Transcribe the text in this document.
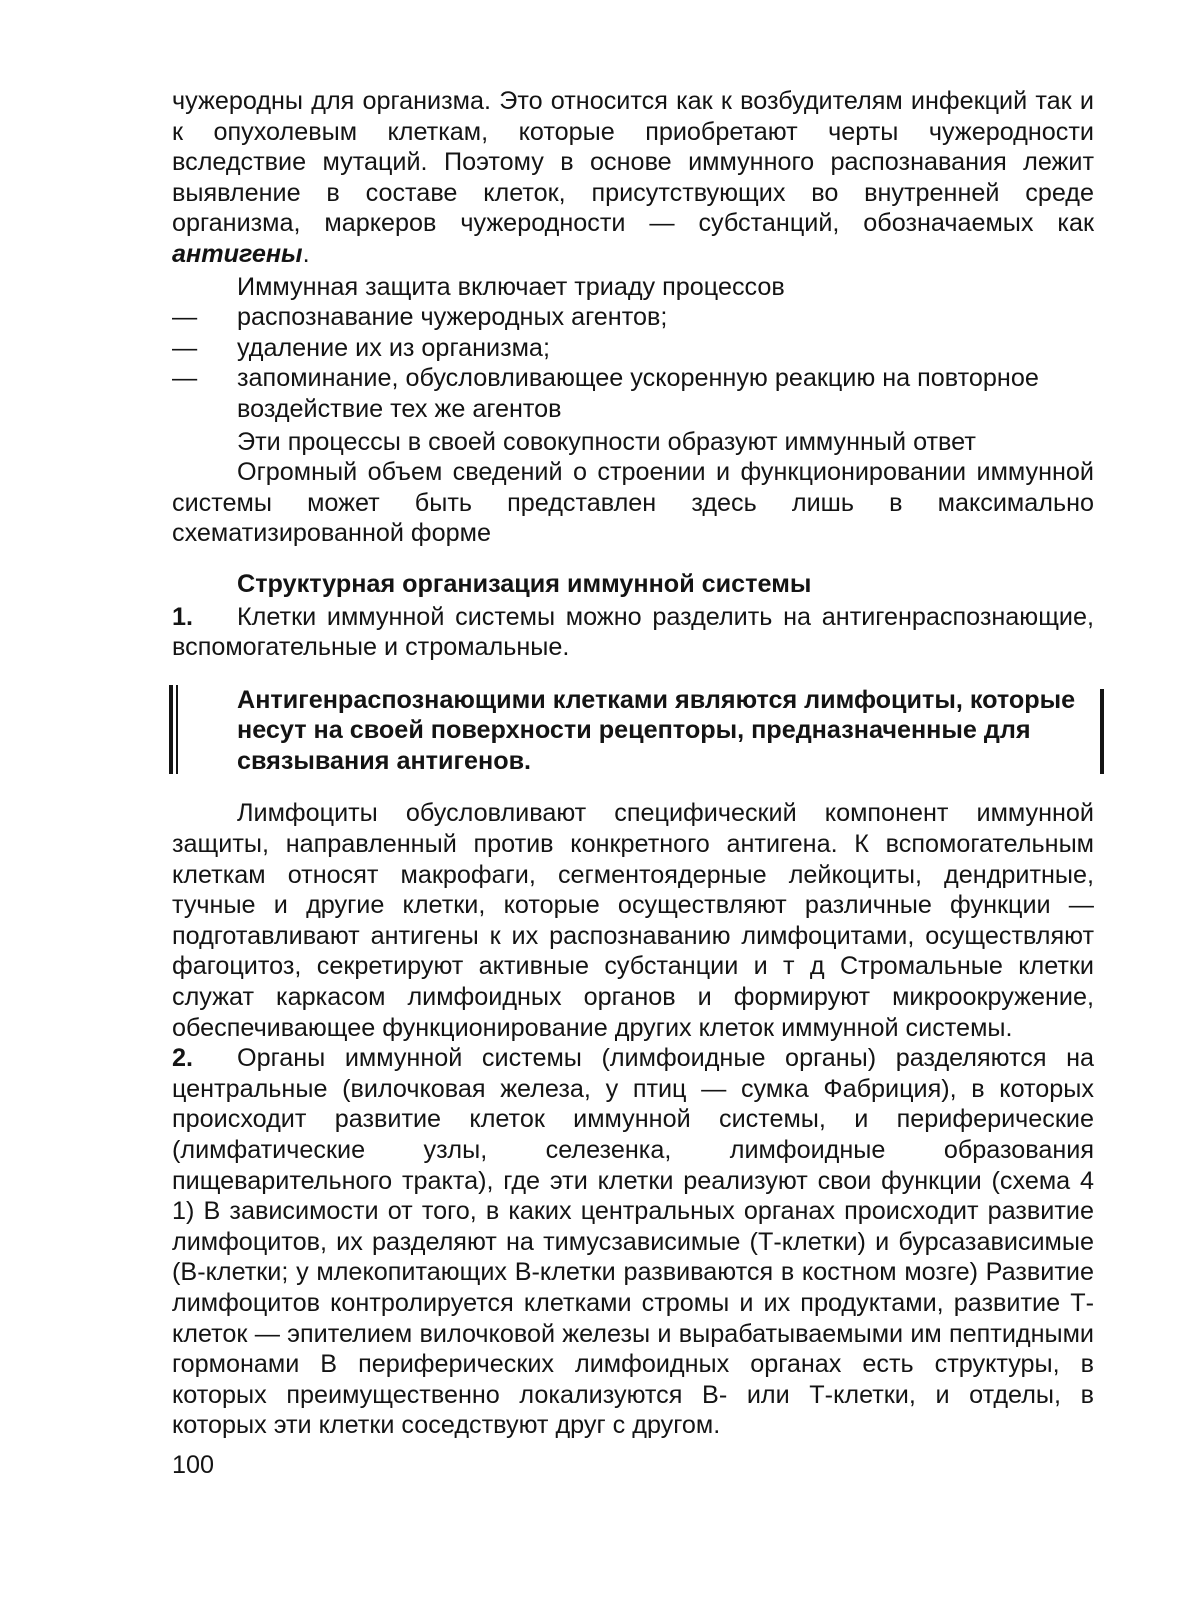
чужеродны для организма. Это относится как к возбудителям инфекций так и к опухолевым клеткам, которые приобретают черты чужеродности вследствие мутаций. Поэтому в основе иммунного распознавания лежит выявление в составе клеток, присутствующих во внутренней среде организма, маркеров чужеродности — субстанций, обозначаемых как антигены.

Иммунная защита включает триаду процессов

— распознавание чужеродных агентов;

— удаление их из организма;

— запоминание, обусловливающее ускоренную реакцию на повторное воздействие тех же агентов

Эти процессы в своей совокупности образуют иммунный ответ

Огромный объем сведений о строении и функционировании иммунной системы может быть представлен здесь лишь в максимально схематизированной форме

Структурная организация иммунной системы

1. Клетки иммунной системы можно разделить на антигенраспознающие, вспомогательные и стромальные.

Антигенраспознающими клетками являются лимфоциты, которые несут на своей поверхности рецепторы, предназначенные для связывания антигенов.

Лимфоциты обусловливают специфический компонент иммунной защиты, направленный против конкретного антигена. К вспомогательным клеткам относят макрофаги, сегментоядерные лейкоциты, дендритные, тучные и другие клетки, которые осуществляют различные функции — подготавливают антигены к их распознаванию лимфоцитами, осуществляют фагоцитоз, секретируют активные субстанции и т д Стромальные клетки служат каркасом лимфоидных органов и формируют микроокружение, обеспечивающее функционирование других клеток иммунной системы.

2. Органы иммунной системы (лимфоидные органы) разделяются на центральные (вилочковая железа, у птиц — сумка Фабриция), в которых происходит развитие клеток иммунной системы, и периферические (лимфатические узлы, селезенка, лимфоидные образования пищеварительного тракта), где эти клетки реализуют свои функции (схема 4 1) В зависимости от того, в каких центральных органах происходит развитие лимфоцитов, их разделяют на тимусзависимые (Т-клетки) и бурсазависимые (В-клетки; у млекопитающих В-клетки развиваются в костном мозге) Развитие лимфоцитов контролируется клетками стромы и их продуктами, развитие Т-клеток — эпителием вилочковой железы и вырабатываемыми им пептидными гормонами В периферических лимфоидных органах есть структуры, в которых преимущественно локализуются В- или Т-клетки, и отделы, в которых эти клетки соседствуют друг с другом.

100
